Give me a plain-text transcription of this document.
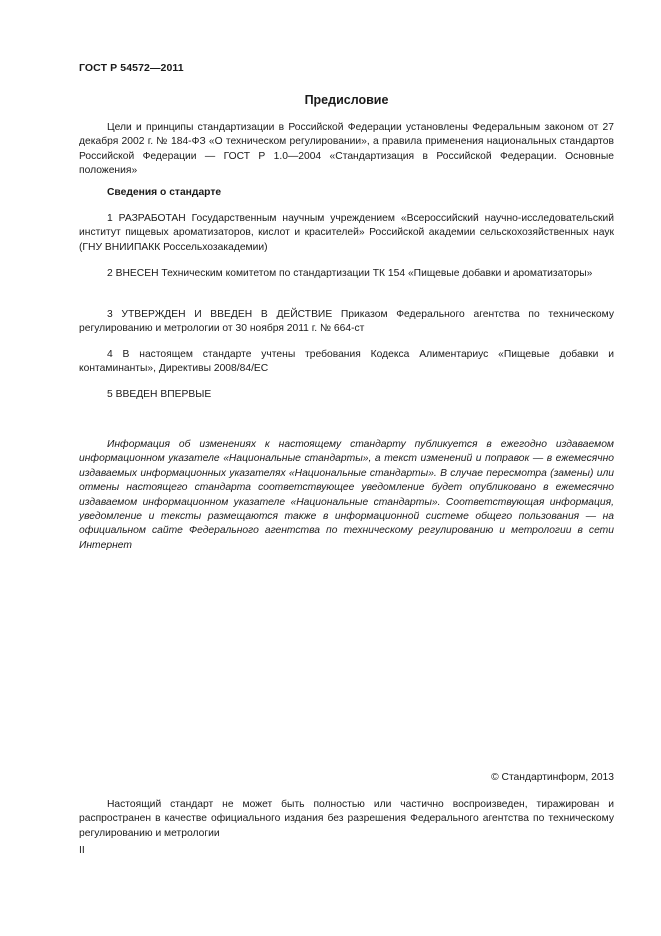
ГОСТ Р 54572—2011
Предисловие

Цели и принципы стандартизации в Российской Федерации установлены Федеральным законом от 27 декабря 2002 г. № 184-ФЗ «О техническом регулировании», а правила применения национальных стандартов Российской Федерации — ГОСТ Р 1.0—2004 «Стандартизация в Российской Федерации. Основные положения»

Сведения о стандарте

1 РАЗРАБОТАН Государственным научным учреждением «Всероссийский научно-исследовательский институт пищевых ароматизаторов, кислот и красителей» Российской академии сельскохозяйственных наук (ГНУ ВНИИПАКК Россельхозакадемии)

2 ВНЕСЕН Техническим комитетом по стандартизации ТК 154 «Пищевые добавки и ароматизаторы»

3 УТВЕРЖДЕН И ВВЕДЕН В ДЕЙСТВИЕ Приказом Федерального агентства по техническому регулированию и метрологии от 30 ноября 2011 г. № 664-ст

4 В настоящем стандарте учтены требования Кодекса Алиментариус «Пищевые добавки и контаминанты», Директивы 2008/84/ЕС

5 ВВЕДЕН ВПЕРВЫЕ

Информация об изменениях к настоящему стандарту публикуется в ежегодно издаваемом информационном указателе «Национальные стандарты», а текст изменений и поправок — в ежемесячно издаваемых информационных указателях «Национальные стандарты». В случае пересмотра (замены) или отмены настоящего стандарта соответствующее уведомление будет опубликовано в ежемесячно издаваемом информационном указателе «Национальные стандарты». Соответствующая информация, уведомление и тексты размещаются также в информационной системе общего пользования — на официальном сайте Федерального агентства по техническому регулированию и метрологии в сети Интернет

© Стандартинформ, 2013

Настоящий стандарт не может быть полностью или частично воспроизведен, тиражирован и распространен в качестве официального издания без разрешения Федерального агентства по техническому регулированию и метрологии

II
